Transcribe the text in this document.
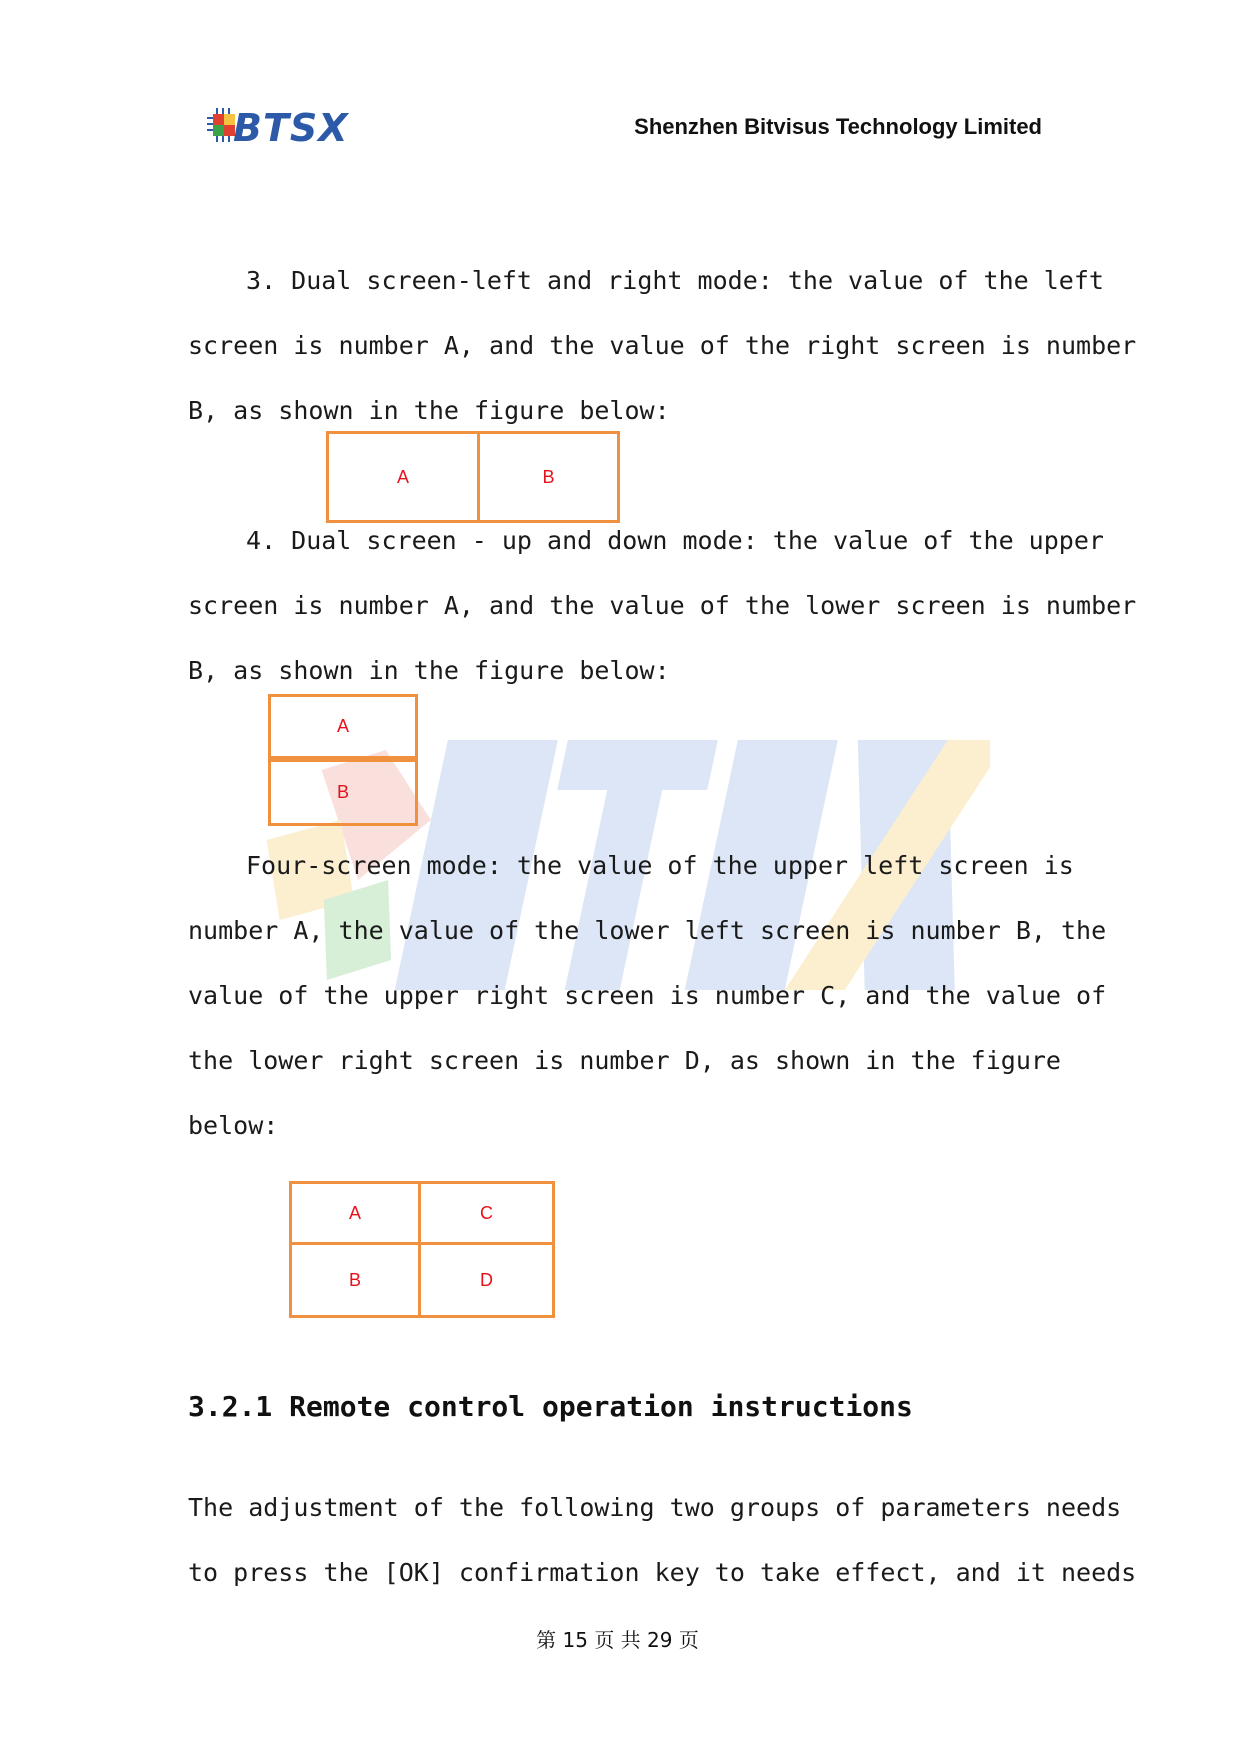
BTSX	Shenzhen Bitvisus Technology Limited
3. Dual screen-left and right mode: the value of the left
screen is number A, and the value of the right screen is number
B, as shown in the figure below:
A	B
4. Dual screen - up and down mode: the value of the upper
screen is number A, and the value of the lower screen is number
B, as shown in the figure below:
A
B
Four-screen mode: the value of the upper left screen is
number A, the value of the lower left screen is number B, the
value of the upper right screen is number C, and the value of
the lower right screen is number D, as shown in the figure
below:
A	C
B	D
3.2.1 Remote control operation instructions
The adjustment of the following two groups of parameters needs
to press the [OK] confirmation key to take effect, and it needs
第 15 页 共 29 页
